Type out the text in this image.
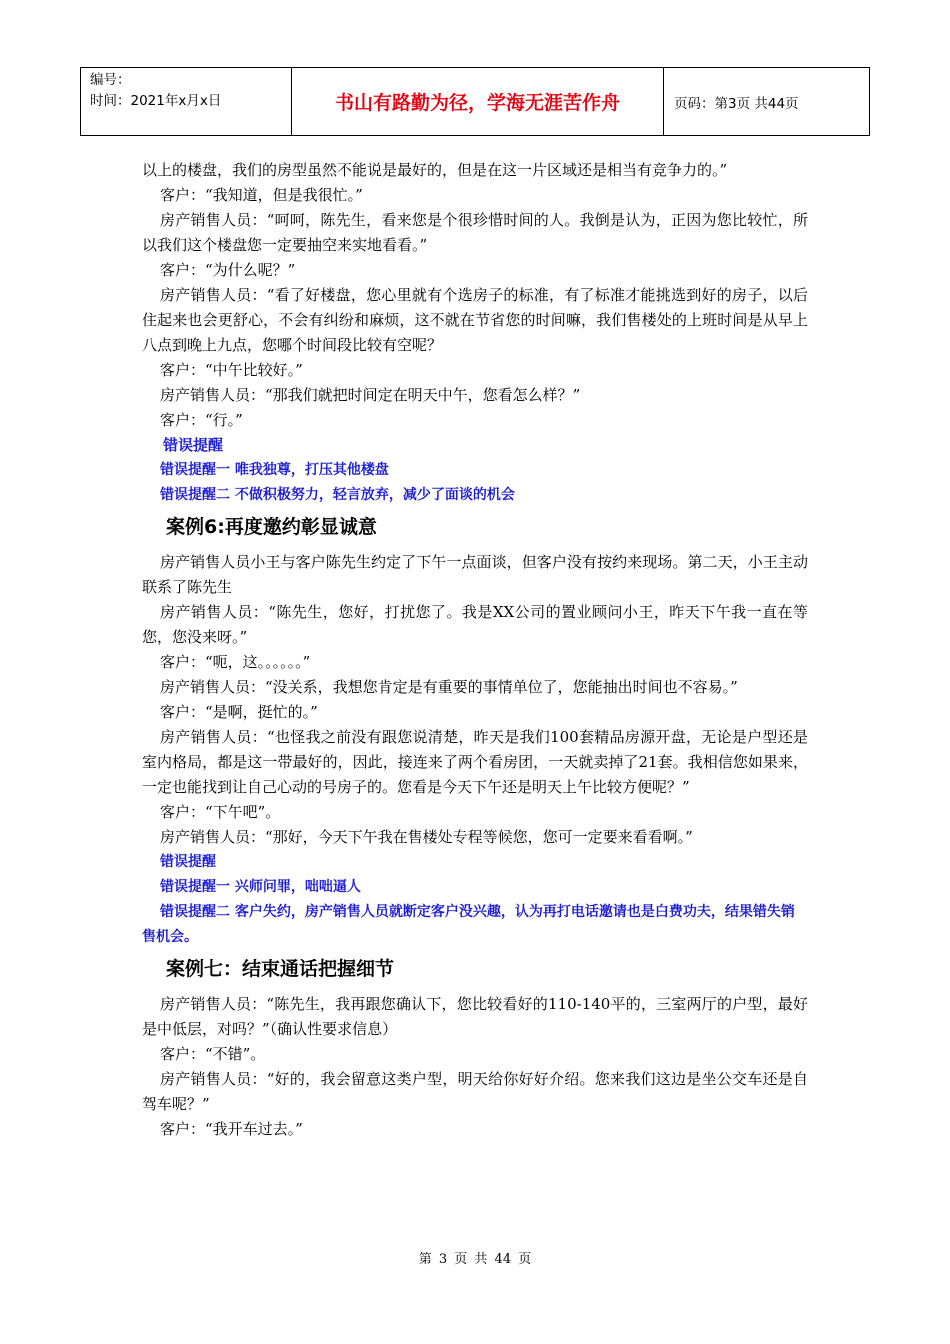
编号：
时间：2021年x月x日	书山有路勤为径，学海无涯苦作舟	页码：第3页 共44页

以上的楼盘，我们的房型虽然不能说是最好的，但是在这一片区域还是相当有竞争力的。”

客户：“我知道，但是我很忙。”

房产销售人员：“呵呵，陈先生，看来您是个很珍惜时间的人。我倒是认为，正因为您比较忙，所以我们这个楼盘您一定要抽空来实地看看。”

客户：“为什么呢？”

房产销售人员：“看了好楼盘，您心里就有个选房子的标准，有了标准才能挑选到好的房子，以后住起来也会更舒心，不会有纠纷和麻烦，这不就在节省您的时间嘛，我们售楼处的上班时间是从早上八点到晚上九点，您哪个时间段比较有空呢？

客户：“中午比较好。”

房产销售人员：“那我们就把时间定在明天中午，您看怎么样？”

客户：“行。”

错误提醒

错误提醒一 唯我独尊，打压其他楼盘

错误提醒二 不做积极努力，轻言放弃，减少了面谈的机会

案例6:再度邀约彰显诚意

房产销售人员小王与客户陈先生约定了下午一点面谈，但客户没有按约来现场。第二天，小王主动联系了陈先生

房产销售人员：“陈先生，您好，打扰您了。我是XX公司的置业顾问小王，昨天下午我一直在等您，您没来呀。”

客户：“呃，这。。。。。。”

房产销售人员：“没关系，我想您肯定是有重要的事情单位了，您能抽出时间也不容易。”

客户：“是啊，挺忙的。”

房产销售人员：“也怪我之前没有跟您说清楚，昨天是我们100套精品房源开盘，无论是户型还是室内格局，都是这一带最好的，因此，接连来了两个看房团，一天就卖掉了21套。我相信您如果来，一定也能找到让自己心动的号房子的。您看是今天下午还是明天上午比较方便呢？”

客户：“下午吧”。

房产销售人员：“那好，今天下午我在售楼处专程等候您，您可一定要来看看啊。”

错误提醒

错误提醒一 兴师问罪，咄咄逼人

错误提醒二 客户失约，房产销售人员就断定客户没兴趣，认为再打电话邀请也是白费功夫，结果错失销售机会。

案例七：结束通话把握细节

房产销售人员：“陈先生，我再跟您确认下，您比较看好的110-140平的，三室两厅的户型，最好是中低层，对吗？”（确认性要求信息）

客户：“不错”。

房产销售人员：“好的，我会留意这类户型，明天给你好好介绍。您来我们这边是坐公交车还是自驾车呢？”

客户：“我开车过去。”

第 3 页 共 44 页
